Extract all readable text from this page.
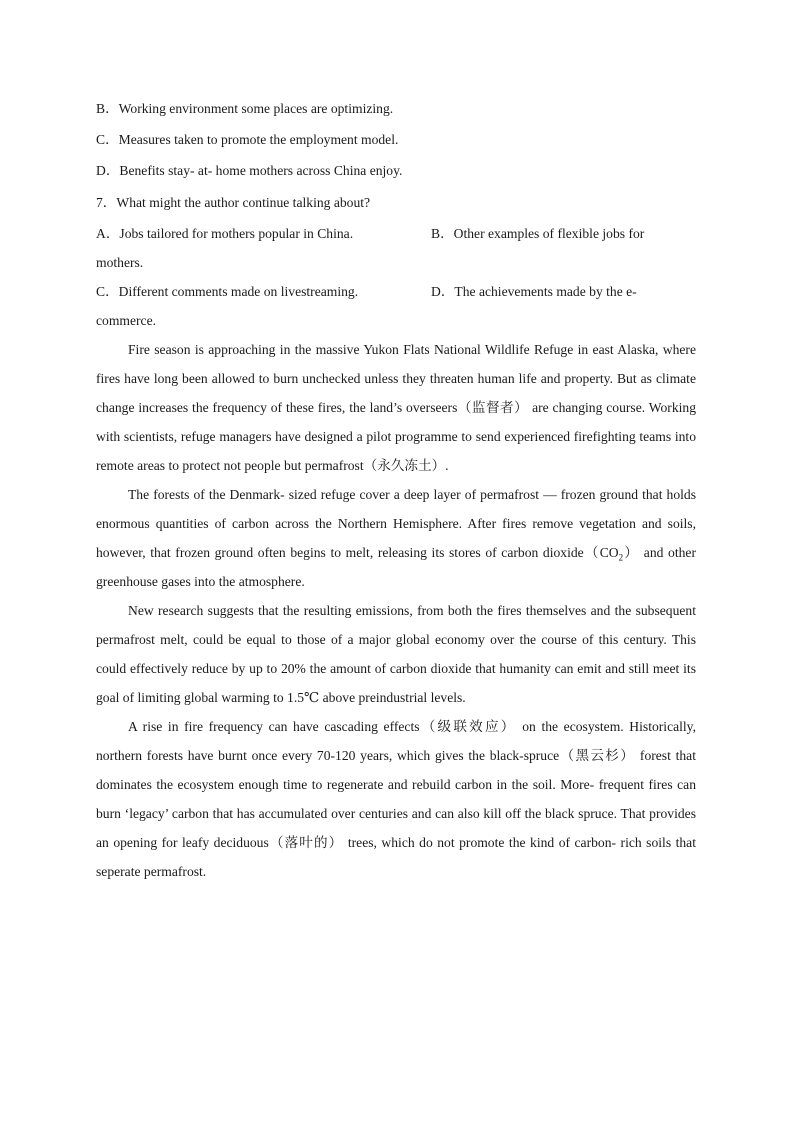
B．Working environment some places are optimizing.

C．Measures taken to promote the employment model.

D．Benefits stay- at- home mothers across China enjoy.

7．What might the author continue talking about?

A．Jobs tailored for mothers popular in China.	B．Other examples of flexible jobs for

mothers.

C．Different comments made on livestreaming.	D．The achievements made by the e-

commerce.

Fire season is approaching in the massive Yukon Flats National Wildlife Refuge in east Alaska, where fires have long been allowed to burn unchecked unless they threaten human life and property. But as climate change increases the frequency of these fires, the land’s overseers（监督者） are changing course. Working with scientists, refuge managers have designed a pilot programme to send experienced firefighting teams into remote areas to protect not people but permafrost（永久冻土）.

The forests of the Denmark- sized refuge cover a deep layer of permafrost — frozen ground that holds enormous quantities of carbon across the Northern Hemisphere. After fires remove vegetation and soils, however, that frozen ground often begins to melt, releasing its stores of carbon $dioxide(CO_2)$ and other greenhouse gases into the atmosphere.

New research suggests that the resulting emissions, from both the fires themselves and the subsequent permafrost melt, could be equal to those of a major global economy over the course of this century. This could effectively reduce by up to 20% the amount of carbon dioxide that humanity can emit and still meet its goal of limiting global warming to 1.5℃ above preindustrial levels.

A rise in fire frequency can have cascading effects（级联效应） on the ecosystem. Historically, northern forests have burnt once every 70-120 years, which gives the black-spruce（黑云杉） forest that dominates the ecosystem enough time to regenerate and rebuild carbon in the soil. More- frequent fires can burn ‘legacy’ carbon that has accumulated over centuries and can also kill off the black spruce. That provides an opening for leafy deciduous（落叶的） trees, which do not promote the kind of carbon- rich soils that seperate permafrost.
